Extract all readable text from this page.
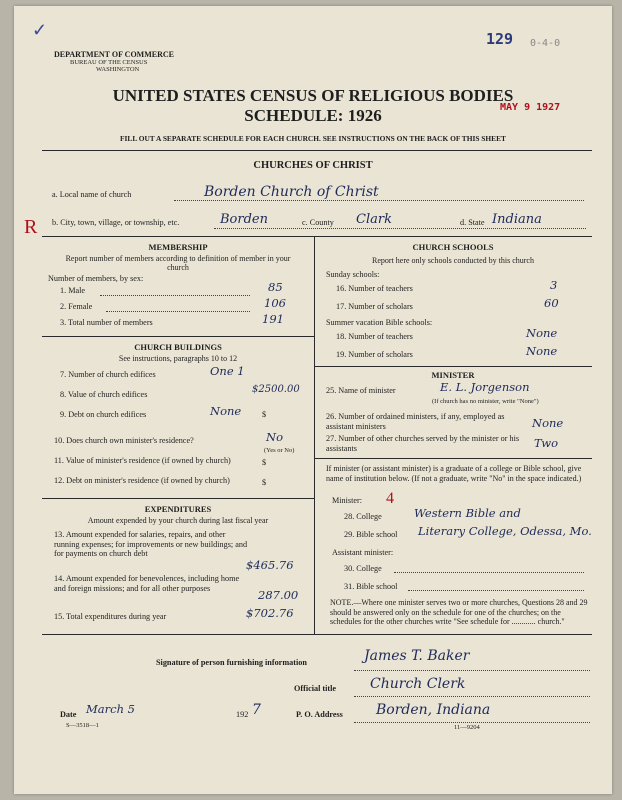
✓
DEPARTMENT OF COMMERCE
BUREAU OF THE CENSUS
WASHINGTON
129 0-4-0
UNITED STATES CENSUS OF RELIGIOUS BODIES
SCHEDULE: 1926	MAY 9 1927
FILL OUT A SEPARATE SCHEDULE FOR EACH CHURCH. SEE INSTRUCTIONS ON THE BACK OF THIS SHEET
CHURCHES OF CHRIST
R
a. Local name of church	Borden Church of Christ
b. City, town, village, or township, etc.	Borden	c. County Clark	d. State Indiana
MEMBERSHIP
Report number of members according to definition of member in your church
Number of members, by sex:
1. Male	85
2. Female	106
3. Total number of members	191
CHURCH BUILDINGS
See instructions, paragraphs 10 to 12
7. Number of church edifices	One 1
8. Value of church edifices	$2500.00
9. Debt on church edifices	None	$
10. Does church own minister's residence?	No
(Yes or No)
11. Value of minister's residence (if owned by church)	$
12. Debt on minister's residence (if owned by church)	$
EXPENDITURES
Amount expended by your church during last fiscal year
13. Amount expended for salaries, repairs, and other running expenses; for improvements or new buildings; and for payments on church debt
$465.76
14. Amount expended for benevolences, including home and foreign missions; and for all other purposes	287.00
15. Total expenditures during year	$702.76
CHURCH SCHOOLS
Report here only schools conducted by this church
Sunday schools:
16. Number of teachers	3
17. Number of scholars	60
Summer vacation Bible schools:
18. Number of teachers	None
19. Number of scholars	None
MINISTER
25. Name of minister	E. L. Jorgenson
(If church has no minister, write "None")
26. Number of ordained ministers, if any, employed as assistant ministers	None
27. Number of other churches served by the minister or his assistants	Two
If minister (or assistant minister) is a graduate of a college or Bible school, give name of institution below. (If not a graduate, write "No" in the space indicated.)
Minister: 4
28. College	Western Bible and
29. Bible school Literary College, Odessa, Mo.
Assistant minister:
30. College
31. Bible school
NOTE.—Where one minister serves two or more churches, Questions 28 and 29 should be answered only on the schedule for one of the churches; on the schedules for the other churches write "See schedule for ............ church."
Signature of person furnishing information	James T. Baker
Official title Church Clerk
Date March 5	192 7	P. O. Address Borden, Indiana
S—3518—1	11—9204
